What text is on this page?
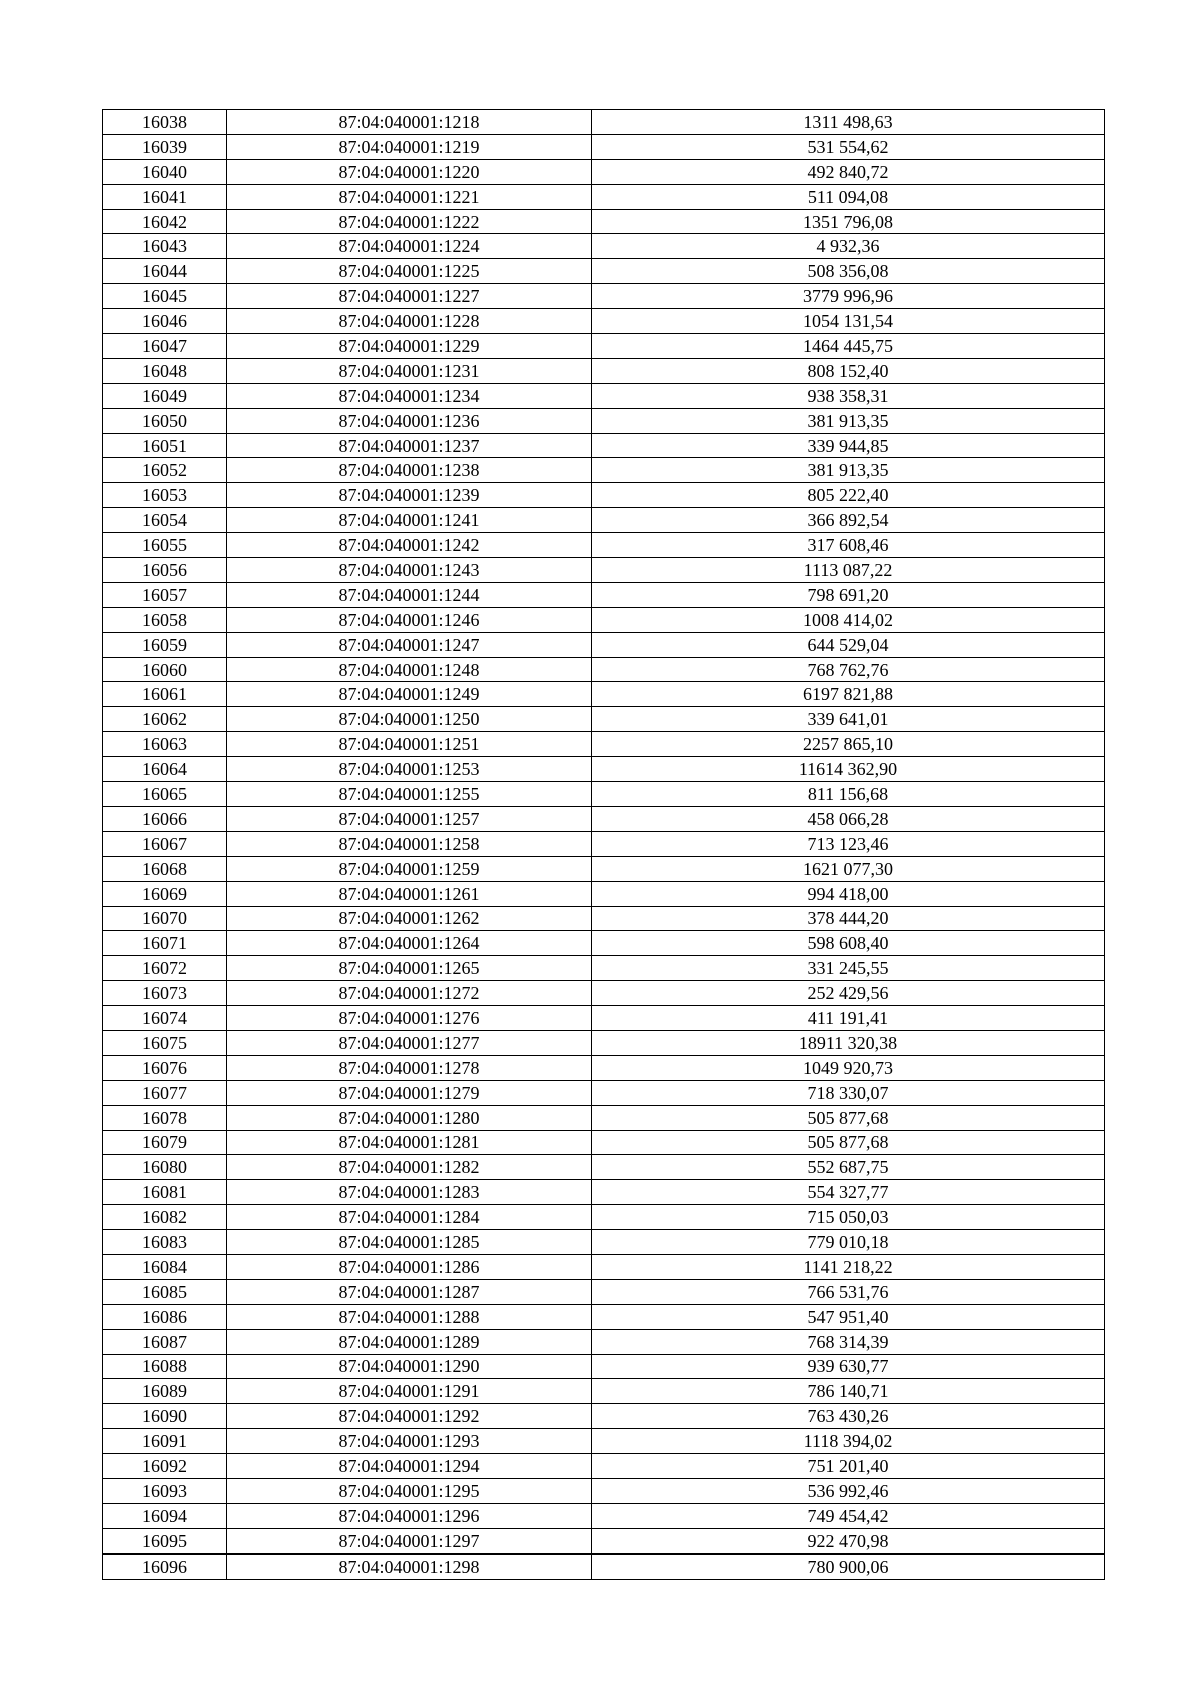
16038	87:04:040001:1218	1311 498,63
16039	87:04:040001:1219	531 554,62
16040	87:04:040001:1220	492 840,72
16041	87:04:040001:1221	511 094,08
16042	87:04:040001:1222	1351 796,08
16043	87:04:040001:1224	4 932,36
16044	87:04:040001:1225	508 356,08
16045	87:04:040001:1227	3779 996,96
16046	87:04:040001:1228	1054 131,54
16047	87:04:040001:1229	1464 445,75
16048	87:04:040001:1231	808 152,40
16049	87:04:040001:1234	938 358,31
16050	87:04:040001:1236	381 913,35
16051	87:04:040001:1237	339 944,85
16052	87:04:040001:1238	381 913,35
16053	87:04:040001:1239	805 222,40
16054	87:04:040001:1241	366 892,54
16055	87:04:040001:1242	317 608,46
16056	87:04:040001:1243	1113 087,22
16057	87:04:040001:1244	798 691,20
16058	87:04:040001:1246	1008 414,02
16059	87:04:040001:1247	644 529,04
16060	87:04:040001:1248	768 762,76
16061	87:04:040001:1249	6197 821,88
16062	87:04:040001:1250	339 641,01
16063	87:04:040001:1251	2257 865,10
16064	87:04:040001:1253	11614 362,90
16065	87:04:040001:1255	811 156,68
16066	87:04:040001:1257	458 066,28
16067	87:04:040001:1258	713 123,46
16068	87:04:040001:1259	1621 077,30
16069	87:04:040001:1261	994 418,00
16070	87:04:040001:1262	378 444,20
16071	87:04:040001:1264	598 608,40
16072	87:04:040001:1265	331 245,55
16073	87:04:040001:1272	252 429,56
16074	87:04:040001:1276	411 191,41
16075	87:04:040001:1277	18911 320,38
16076	87:04:040001:1278	1049 920,73
16077	87:04:040001:1279	718 330,07
16078	87:04:040001:1280	505 877,68
16079	87:04:040001:1281	505 877,68
16080	87:04:040001:1282	552 687,75
16081	87:04:040001:1283	554 327,77
16082	87:04:040001:1284	715 050,03
16083	87:04:040001:1285	779 010,18
16084	87:04:040001:1286	1141 218,22
16085	87:04:040001:1287	766 531,76
16086	87:04:040001:1288	547 951,40
16087	87:04:040001:1289	768 314,39
16088	87:04:040001:1290	939 630,77
16089	87:04:040001:1291	786 140,71
16090	87:04:040001:1292	763 430,26
16091	87:04:040001:1293	1118 394,02
16092	87:04:040001:1294	751 201,40
16093	87:04:040001:1295	536 992,46
16094	87:04:040001:1296	749 454,42
16095	87:04:040001:1297	922 470,98
16096	87:04:040001:1298	780 900,06
